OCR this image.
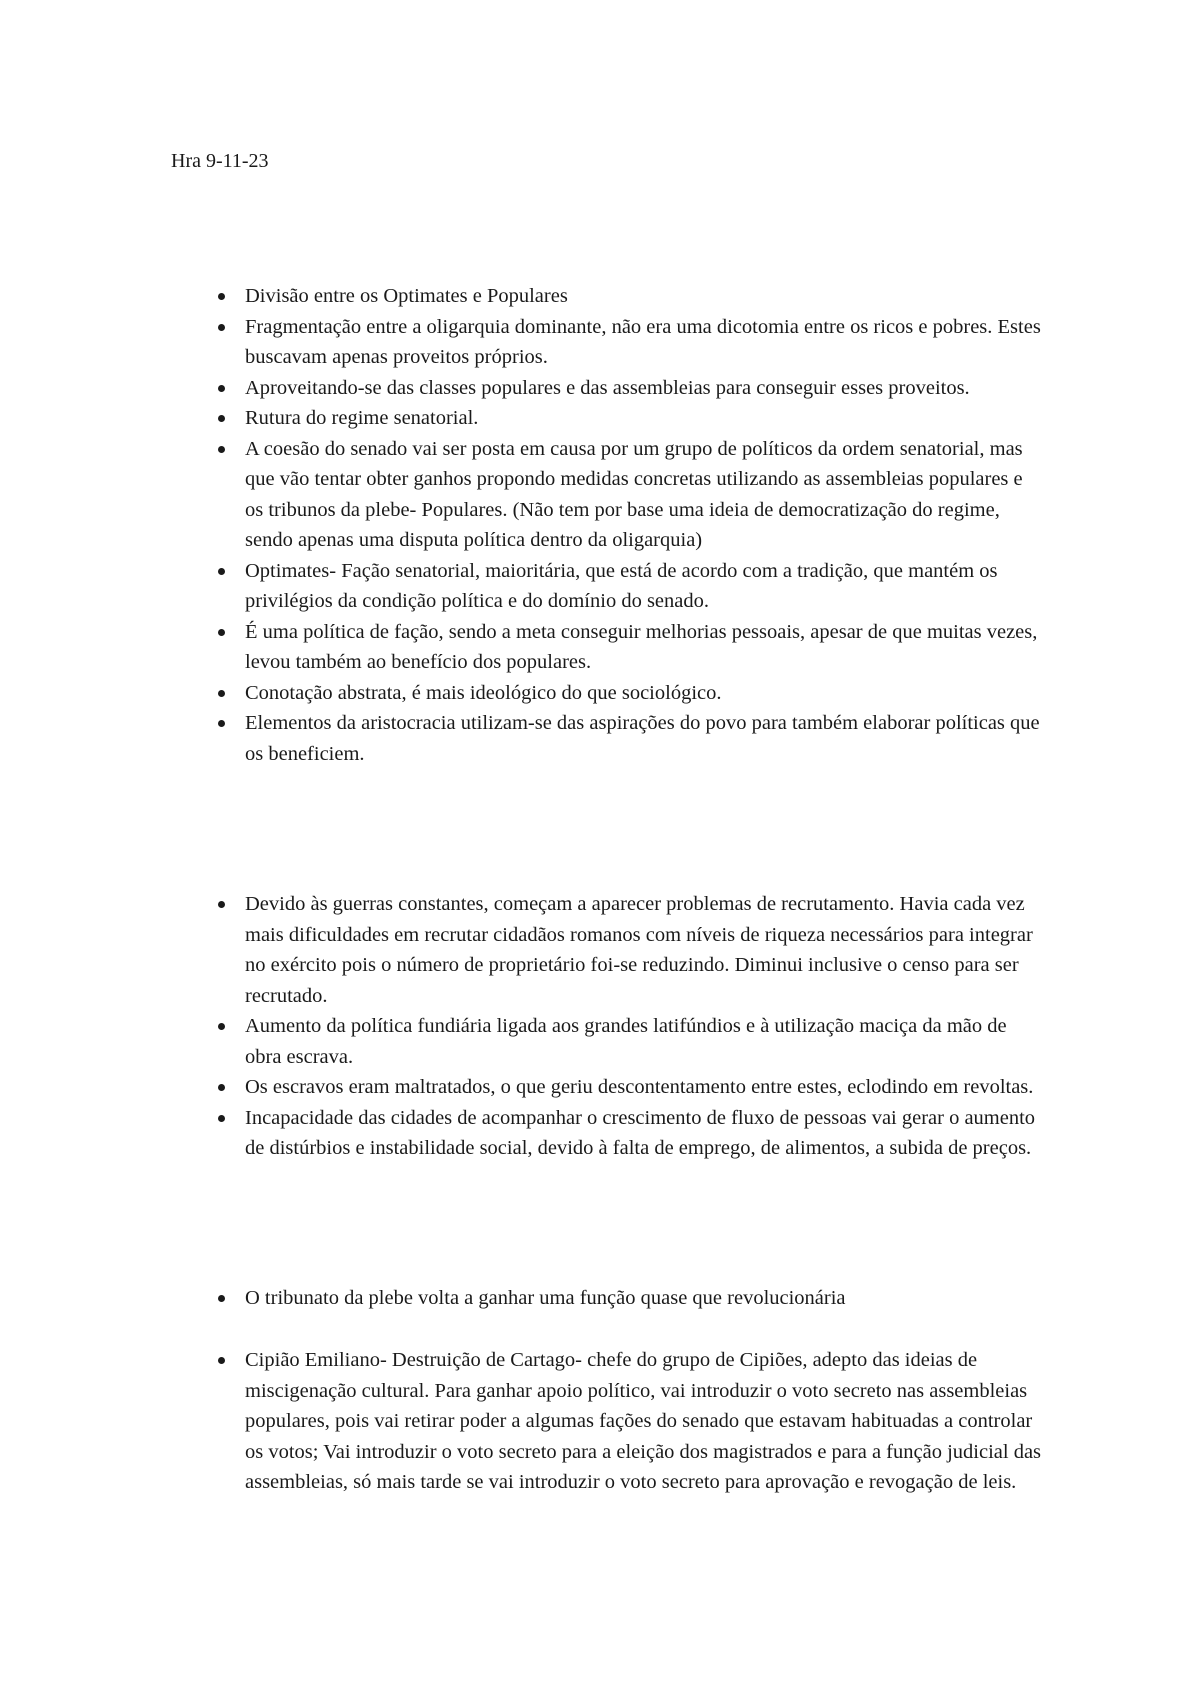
Hra 9-11-23

Divisão entre os Optimates e Populares
Fragmentação entre a oligarquia dominante, não era uma dicotomia entre os ricos e pobres. Estes buscavam apenas proveitos próprios.
Aproveitando-se das classes populares e das assembleias para conseguir esses proveitos.
Rutura do regime senatorial.
A coesão do senado vai ser posta em causa por um grupo de políticos da ordem senatorial, mas que vão tentar obter ganhos propondo medidas concretas utilizando as assembleias populares e os tribunos da plebe- Populares. (Não tem por base uma ideia de democratização do regime, sendo apenas uma disputa política dentro da oligarquia)
Optimates- Fação senatorial, maioritária, que está de acordo com a tradição, que mantém os privilégios da condição política e do domínio do senado.
É uma política de fação, sendo a meta conseguir melhorias pessoais, apesar de que muitas vezes, levou também ao benefício dos populares.
Conotação abstrata, é mais ideológico do que sociológico.
Elementos da aristocracia utilizam-se das aspirações do povo para também elaborar políticas que os beneficiem.
Devido às guerras constantes, começam a aparecer problemas de recrutamento. Havia cada vez mais dificuldades em recrutar cidadãos romanos com níveis de riqueza necessários para integrar no exército pois o número de proprietário foi-se reduzindo. Diminui inclusive o censo para ser recrutado.
Aumento da política fundiária ligada aos grandes latifúndios e à utilização maciça da mão de obra escrava.
Os escravos eram maltratados, o que geriu descontentamento entre estes, eclodindo em revoltas.
Incapacidade das cidades de acompanhar o crescimento de fluxo de pessoas vai gerar o aumento de distúrbios e instabilidade social, devido à falta de emprego, de alimentos, a subida de preços.
O tribunato da plebe volta a ganhar uma função quase que revolucionária
Cipião Emiliano- Destruição de Cartago- chefe do grupo de Cipiões, adepto das ideias de miscigenação cultural. Para ganhar apoio político, vai introduzir o voto secreto nas assembleias populares, pois vai retirar poder a algumas fações do senado que estavam habituadas a controlar os votos; Vai introduzir o voto secreto para a eleição dos magistrados e para a função judicial das assembleias, só mais tarde se vai introduzir o voto secreto para aprovação e revogação de leis.
